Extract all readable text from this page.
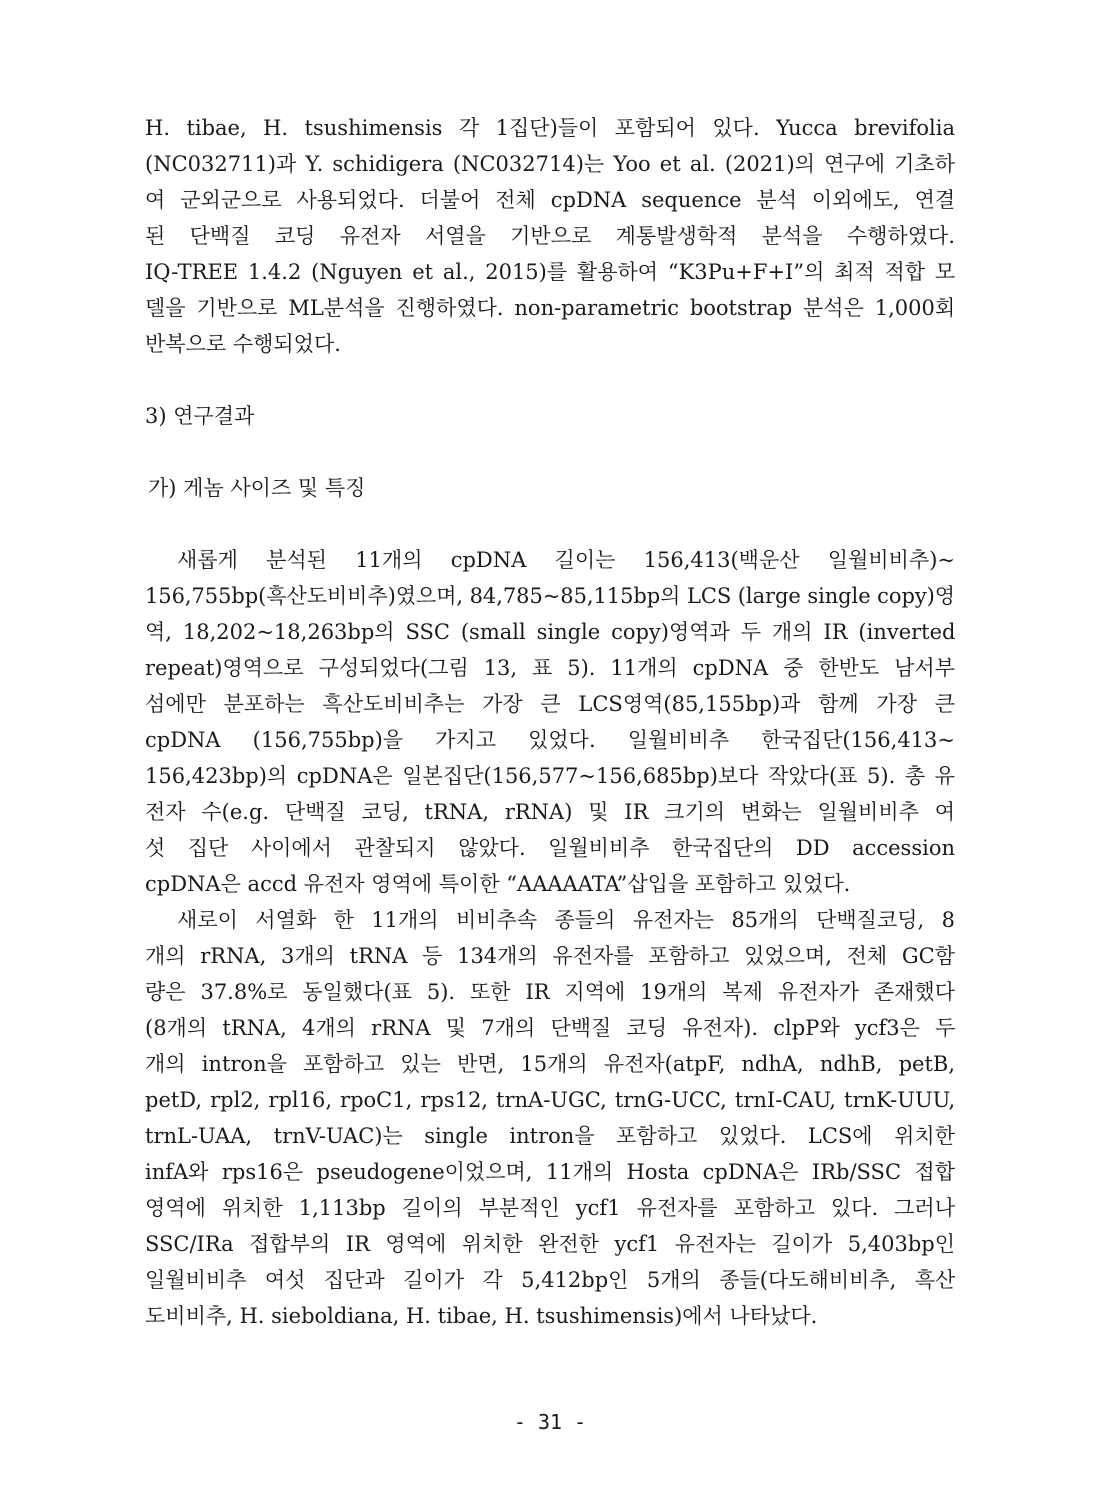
H. tibae, H. tsushimensis 각 1집단)들이 포함되어 있다. Yucca brevifolia
(NC032711)과 Y. schidigera (NC032714)는 Yoo et al. (2021)의 연구에 기초하
여 군외군으로 사용되었다. 더불어 전체 cpDNA sequence 분석 이외에도, 연결
된 단백질 코딩 유전자 서열을 기반으로 계통발생학적 분석을 수행하였다.
IQ-TREE 1.4.2 (Nguyen et al., 2015)를 활용하여 “K3Pu+F+I”의 최적 적합 모
델을 기반으로 ML분석을 진행하였다. non-parametric bootstrap 분석은 1,000회
반복으로 수행되었다.
3) 연구결과
가) 게놈 사이즈 및 특징
새롭게 분석된 11개의 cpDNA 길이는 156,413(백운산 일월비비추)~
156,755bp(흑산도비비추)였으며, 84,785~85,115bp의 LCS (large single copy)영
역, 18,202~18,263bp의 SSC (small single copy)영역과 두 개의 IR (inverted
repeat)영역으로 구성되었다(그림 13, 표 5). 11개의 cpDNA 중 한반도 남서부
섬에만 분포하는 흑산도비비추는 가장 큰 LCS영역(85,155bp)과 함께 가장 큰
cpDNA (156,755bp)을 가지고 있었다. 일월비비추 한국집단(156,413~
156,423bp)의 cpDNA은 일본집단(156,577~156,685bp)보다 작았다(표 5). 총 유
전자 수(e.g. 단백질 코딩, tRNA, rRNA) 및 IR 크기의 변화는 일월비비추 여
섯 집단 사이에서 관찰되지 않았다. 일월비비추 한국집단의 DD accession
cpDNA은 accd 유전자 영역에 특이한 “AAAAATA”삽입을 포함하고 있었다.
새로이 서열화 한 11개의 비비추속 종들의 유전자는 85개의 단백질코딩, 8
개의 rRNA, 3개의 tRNA 등 134개의 유전자를 포함하고 있었으며, 전체 GC함
량은 37.8%로 동일했다(표 5). 또한 IR 지역에 19개의 복제 유전자가 존재했다
(8개의 tRNA, 4개의 rRNA 및 7개의 단백질 코딩 유전자). clpP와 ycf3은 두
개의 intron을 포함하고 있는 반면, 15개의 유전자(atpF, ndhA, ndhB, petB,
petD, rpl2, rpl16, rpoC1, rps12, trnA-UGC, trnG-UCC, trnI-CAU, trnK-UUU,
trnL-UAA, trnV-UAC)는 single intron을 포함하고 있었다. LCS에 위치한
infA와 rps16은 pseudogene이었으며, 11개의 Hosta cpDNA은 IRb/SSC 접합
영역에 위치한 1,113bp 길이의 부분적인 ycf1 유전자를 포함하고 있다. 그러나
SSC/IRa 접합부의 IR 영역에 위치한 완전한 ycf1 유전자는 길이가 5,403bp인
일월비비추 여섯 집단과 길이가 각 5,412bp인 5개의 종들(다도해비비추, 흑산
도비비추, H. sieboldiana, H. tibae, H. tsushimensis)에서 나타났다.
- 31 -
